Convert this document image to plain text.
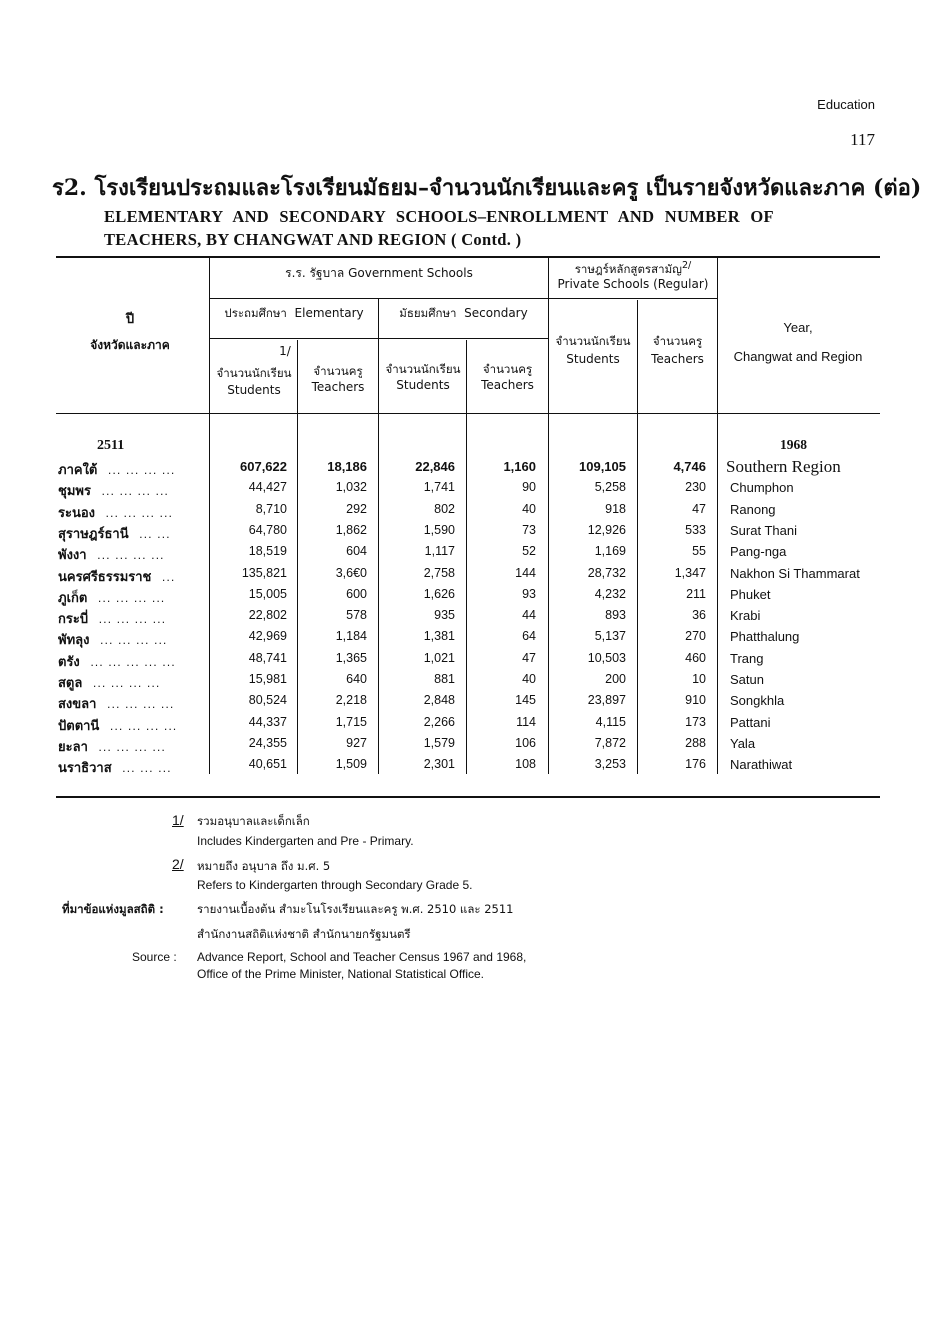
Education
117
ร2. โรงเรียนประถมและโรงเรียนมัธยม–จำนวนนักเรียนและครู เป็นรายจังหวัดและภาค (ต่อ)
ELEMENTARY AND SECONDARY SCHOOLS–ENROLLMENT AND NUMBER OF
TEACHERS, BY CHANGWAT AND REGION ( Contd. )
ร.ร. รัฐบาล Government Schools	ราษฎร์หลักสูตรสามัญ$^{2/}$
Private Schools (Regular)
ประถมศึกษา Elementary	มัธยมศึกษา Secondary
1/
จำนวนนักเรียน
Students
จำนวนครู
Teachers
จำนวนนักเรียน
Students
จำนวนครู
Teachers
จำนวนนักเรียน
Students
จำนวนครู
Teachers
ปี
จังหวัดและภาค
Year,
Changwat and Region
2511	1968
ภาคใต้ ... ... ... ...	607,622	18,186	22,846	1,160	109,105	4,746 Southern Region
ชุมพร ... ... ... ...	44,427	1,032	1,741	90	5,258	230 Chumphon
ระนอง ... ... ... ...	8,710	292	802	40	918	47 Ranong
สุราษฎร์ธานี ... ...	64,780	1,862	1,590	73	12,926	533 Surat Thani
พังงา ... ... ... ...	18,519	604	1,117	52	1,169	55 Pang-nga
นครศรีธรรมราช ...	135,821	3,6€0	2,758	144	28,732	1,347 Nakhon Si Thammarat
ภูเก็ต ... ... ... ...	15,005	600	1,626	93	4,232	211 Phuket
กระบี่ ... ... ... ...	22,802	578	935	44	893	36 Krabi
พัทลุง ... ... ... ...	42,969	1,184	1,381	64	5,137	270 Phatthalung
ตรัง ... ... ... ... ...	48,741	1,365	1,021	47	10,503	460 Trang
สตูล ... ... ... ...	15,981	640	881	40	200	10 Satun
สงขลา ... ... ... ...	80,524	2,218	2,848	145	23,897	910 Songkhla
ปัตตานี ... ... ... ...	44,337	1,715	2,266	114	4,115	173 Pattani
ยะลา ... ... ... ...	24,355	927	1,579	106	7,872	288 Yala
นราธิวาส ... ... ...	40,651	1,509	2,301	108	3,253	176 Narathiwat
1/ รวมอนุบาลและเด็กเล็ก
Includes Kindergarten and Pre - Primary.
2/ หมายถึง อนุบาล ถึง ม.ศ. 5
Refers to Kindergarten through Secondary Grade 5.
ที่มาข้อแห่งมูลสถิติ :	รายงานเบื้องต้น สำมะโนโรงเรียนและครู พ.ศ. 2510 และ 2511
สำนักงานสถิติแห่งชาติ สำนักนายกรัฐมนตรี
Source : Advance Report, School and Teacher Census 1967 and 1968,
Office of the Prime Minister, National Statistical Office.
